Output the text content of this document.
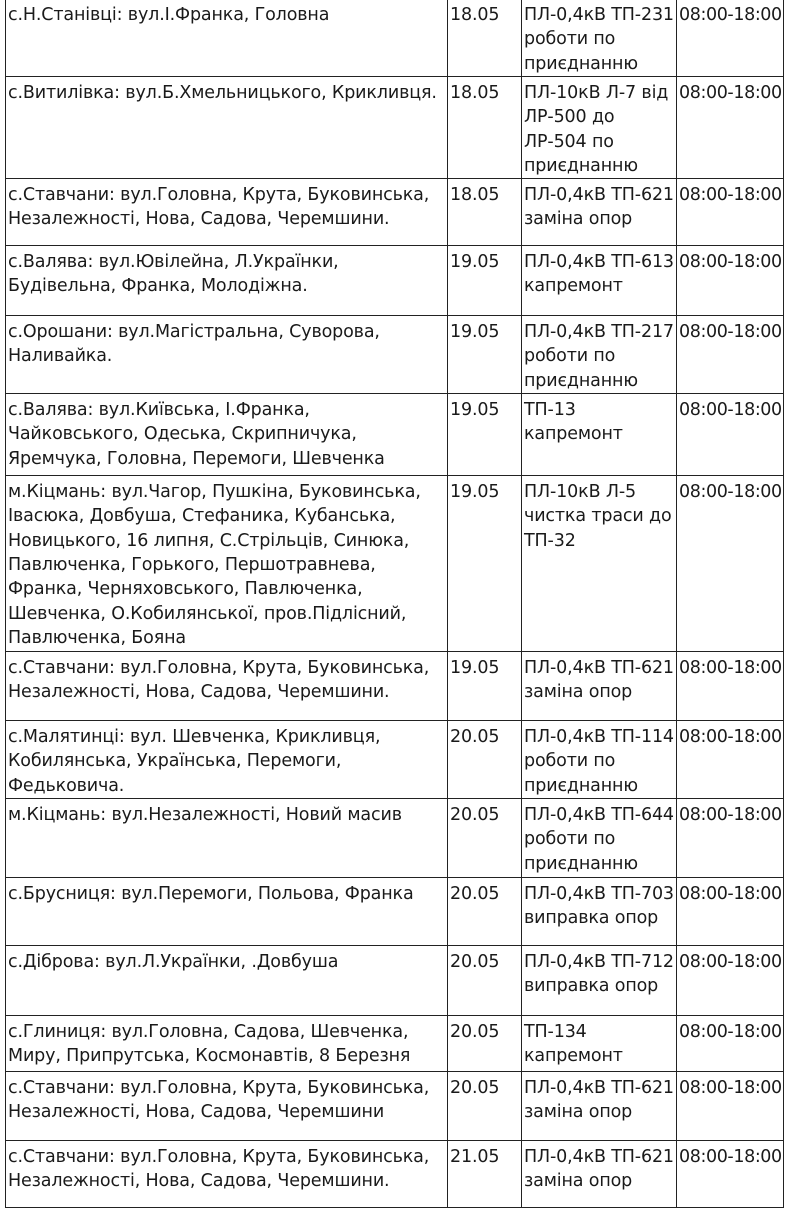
с.Н.Станівці: вул.І.Франка, Головна	18.05	ПЛ-0,4кВ ТП-231 роботи по приєднанню	08:00-18:00
с.Витилівка: вул.Б.Хмельницького, Крикливця.	18.05	ПЛ-10кВ Л-7 від ЛР-500 до ЛР-504 по приєднанню	08:00-18:00
с.Ставчани: вул.Головна, Крута, Буковинська, Незалежності, Нова, Садова, Черемшини.	18.05	ПЛ-0,4кВ ТП-621 заміна опор	08:00-18:00
с.Валява: вул.Ювілейна, Л.Українки, Будівельна, Франка, Молодіжна.	19.05	ПЛ-0,4кВ ТП-613 капремонт	08:00-18:00
с.Орошани: вул.Магістральна, Суворова, Наливайка.	19.05	ПЛ-0,4кВ ТП-217 роботи по приєднанню	08:00-18:00
с.Валява: вул.Київська, І.Франка, Чайковського, Одеська, Скрипничука, Яремчука, Головна, Перемоги, Шевченка	19.05	ТП-13 капремонт	08:00-18:00
м.Кіцмань: вул.Чагор, Пушкіна, Буковинська, Івасюка, Довбуша, Стефаника, Кубанська, Новицького, 16 липня, С.Стрільців, Синюка, Павлюченка, Горького, Першотравнева, Франка, Черняховського, Павлюченка, Шевченка, О.Кобилянської, пров.Підлісний, Павлюченка, Бояна	19.05	ПЛ-10кВ Л-5 чистка траси до ТП-32	08:00-18:00
с.Ставчани: вул.Головна, Крута, Буковинська, Незалежності, Нова, Садова, Черемшини.	19.05	ПЛ-0,4кВ ТП-621 заміна опор	08:00-18:00
с.Малятинці: вул. Шевченка, Крикливця, Кобилянська, Українська, Перемоги, Федьковича.	20.05	ПЛ-0,4кВ ТП-114 роботи по приєднанню	08:00-18:00
м.Кіцмань: вул.Незалежності, Новий масив	20.05	ПЛ-0,4кВ ТП-644 роботи по приєднанню	08:00-18:00
с.Брусниця: вул.Перемоги, Польова, Франка	20.05	ПЛ-0,4кВ ТП-703 виправка опор	08:00-18:00
с.Діброва: вул.Л.Українки, .Довбуша	20.05	ПЛ-0,4кВ ТП-712 виправка опор	08:00-18:00
с.Глиниця: вул.Головна, Садова, Шевченка, Миру, Припрутська, Космонавтів, 8 Березня	20.05	ТП-134 капремонт	08:00-18:00
с.Ставчани: вул.Головна, Крута, Буковинська, Незалежності, Нова, Садова, Черемшини	20.05	ПЛ-0,4кВ ТП-621 заміна опор	08:00-18:00
с.Ставчани: вул.Головна, Крута, Буковинська, Незалежності, Нова, Садова, Черемшини.	21.05	ПЛ-0,4кВ ТП-621 заміна опор	08:00-18:00
